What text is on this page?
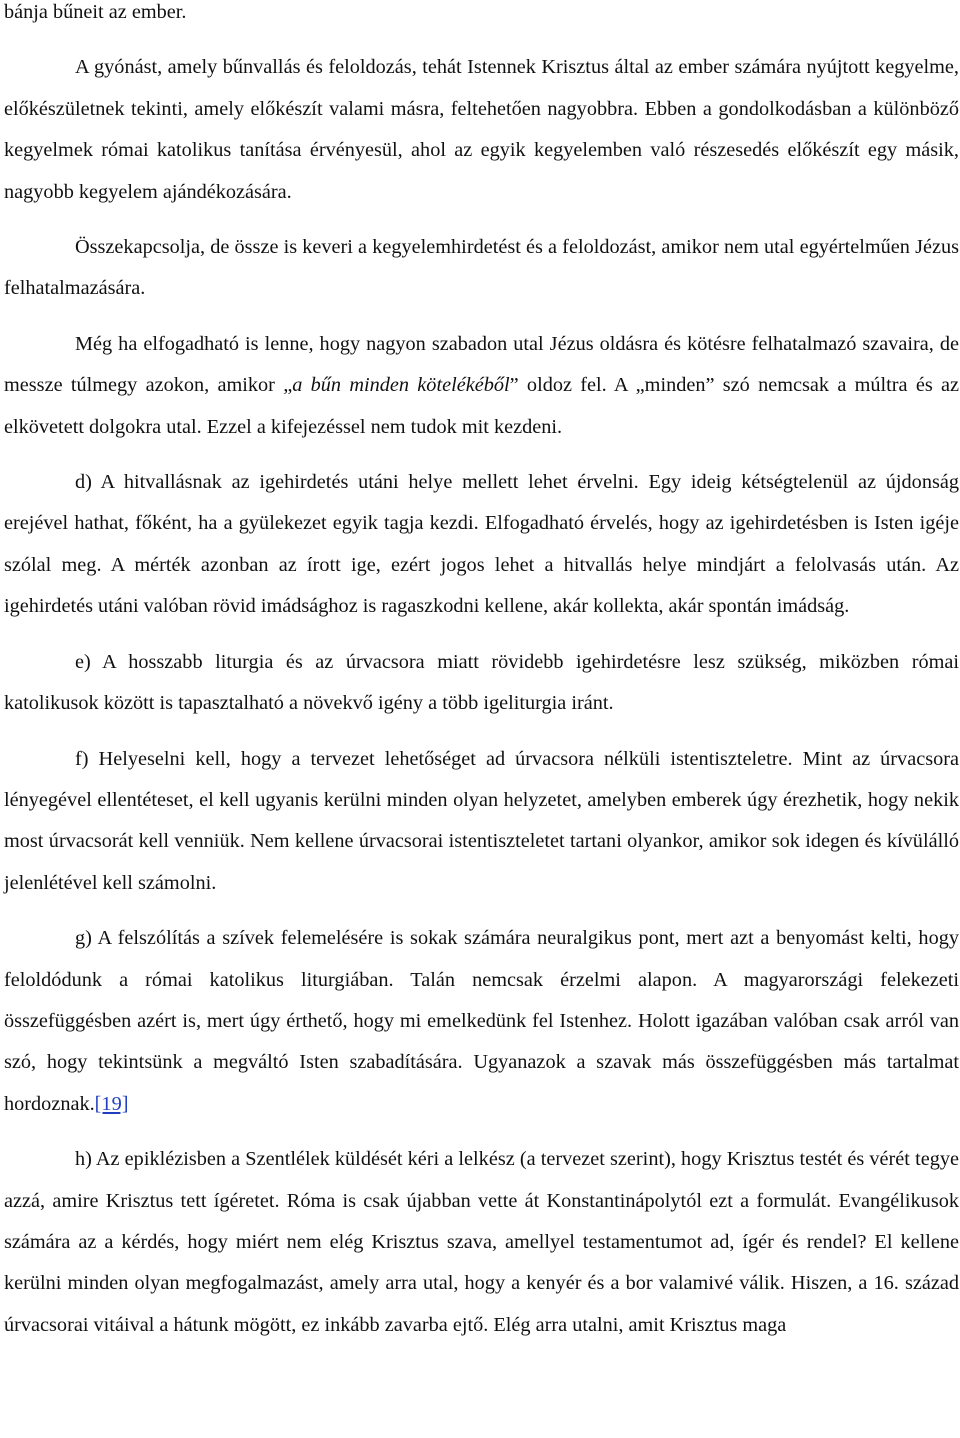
bánja bűneit az ember.

A gyónást, amely bűnvallás és feloldozás, tehát Istennek Krisztus által az ember számára nyújtott kegyelme, előkészületnek tekinti, amely előkészít valami másra, feltehetően nagyobbra. Ebben a gondolkodásban a különböző kegyelmek római katolikus tanítása érvényesül, ahol az egyik kegyelemben való részesedés előkészít egy másik, nagyobb kegyelem ajándékozására.

Összekapcsolja, de össze is keveri a kegyelemhirdetést és a feloldozást, amikor nem utal egyértelműen Jézus felhatalmazására.

Még ha elfogadható is lenne, hogy nagyon szabadon utal Jézus oldásra és kötésre felhatalmazó szavaira, de messze túlmegy azokon, amikor „a bűn minden kötelékéből” oldoz fel. A „minden” szó nemcsak a múltra és az elkövetett dolgokra utal. Ezzel a kifejezéssel nem tudok mit kezdeni.

d) A hitvallásnak az igehirdetés utáni helye mellett lehet érvelni. Egy ideig kétségtelenül az újdonság erejével hathat, főként, ha a gyülekezet egyik tagja kezdi. Elfogadható érvelés, hogy az igehirdetésben is Isten igéje szólal meg. A mérték azonban az írott ige, ezért jogos lehet a hitvallás helye mindjárt a felolvasás után. Az igehirdetés utáni valóban rövid imádsághoz is ragaszkodni kellene, akár kollekta, akár spontán imádság.

e) A hosszabb liturgia és az úrvacsora miatt rövidebb igehirdetésre lesz szükség, miközben római katolikusok között is tapasztalható a növekvő igény a több igeliturgia iránt.

f) Helyeselni kell, hogy a tervezet lehetőséget ad úrvacsora nélküli istentiszteletre. Mint az úrvacsora lényegével ellentéteset, el kell ugyanis kerülni minden olyan helyzetet, amelyben emberek úgy érezhetik, hogy nekik most úrvacsorát kell venniük. Nem kellene úrvacsorai istentiszteletet tartani olyankor, amikor sok idegen és kívülálló jelenlétével kell számolni.

g) A felszólítás a szívek felemelésére is sokak számára neuralgikus pont, mert azt a benyomást kelti, hogy feloldódunk a római katolikus liturgiában. Talán nemcsak érzelmi alapon. A magyarországi felekezeti összefüggésben azért is, mert úgy érthető, hogy mi emelkedünk fel Istenhez. Holott igazában valóban csak arról van szó, hogy tekintsünk a megváltó Isten szabadítására. Ugyanazok a szavak más összefüggésben más tartalmat hordoznak.[19]

h) Az epiklézisben a Szentlélek küldését kéri a lelkész (a tervezet szerint), hogy Krisztus testét és vérét tegye azzá, amire Krisztus tett ígéretet. Róma is csak újabban vette át Konstantinápolytól ezt a formulát. Evangélikusok számára az a kérdés, hogy miért nem elég Krisztus szava, amellyel testamentumot ad, ígér és rendel? El kellene kerülni minden olyan megfogalmazást, amely arra utal, hogy a kenyér és a bor valamivé válik. Hiszen, a 16. század úrvacsorai vitáival a hátunk mögött, ez inkább zavarba ejtő. Elég arra utalni, amit Krisztus maga
